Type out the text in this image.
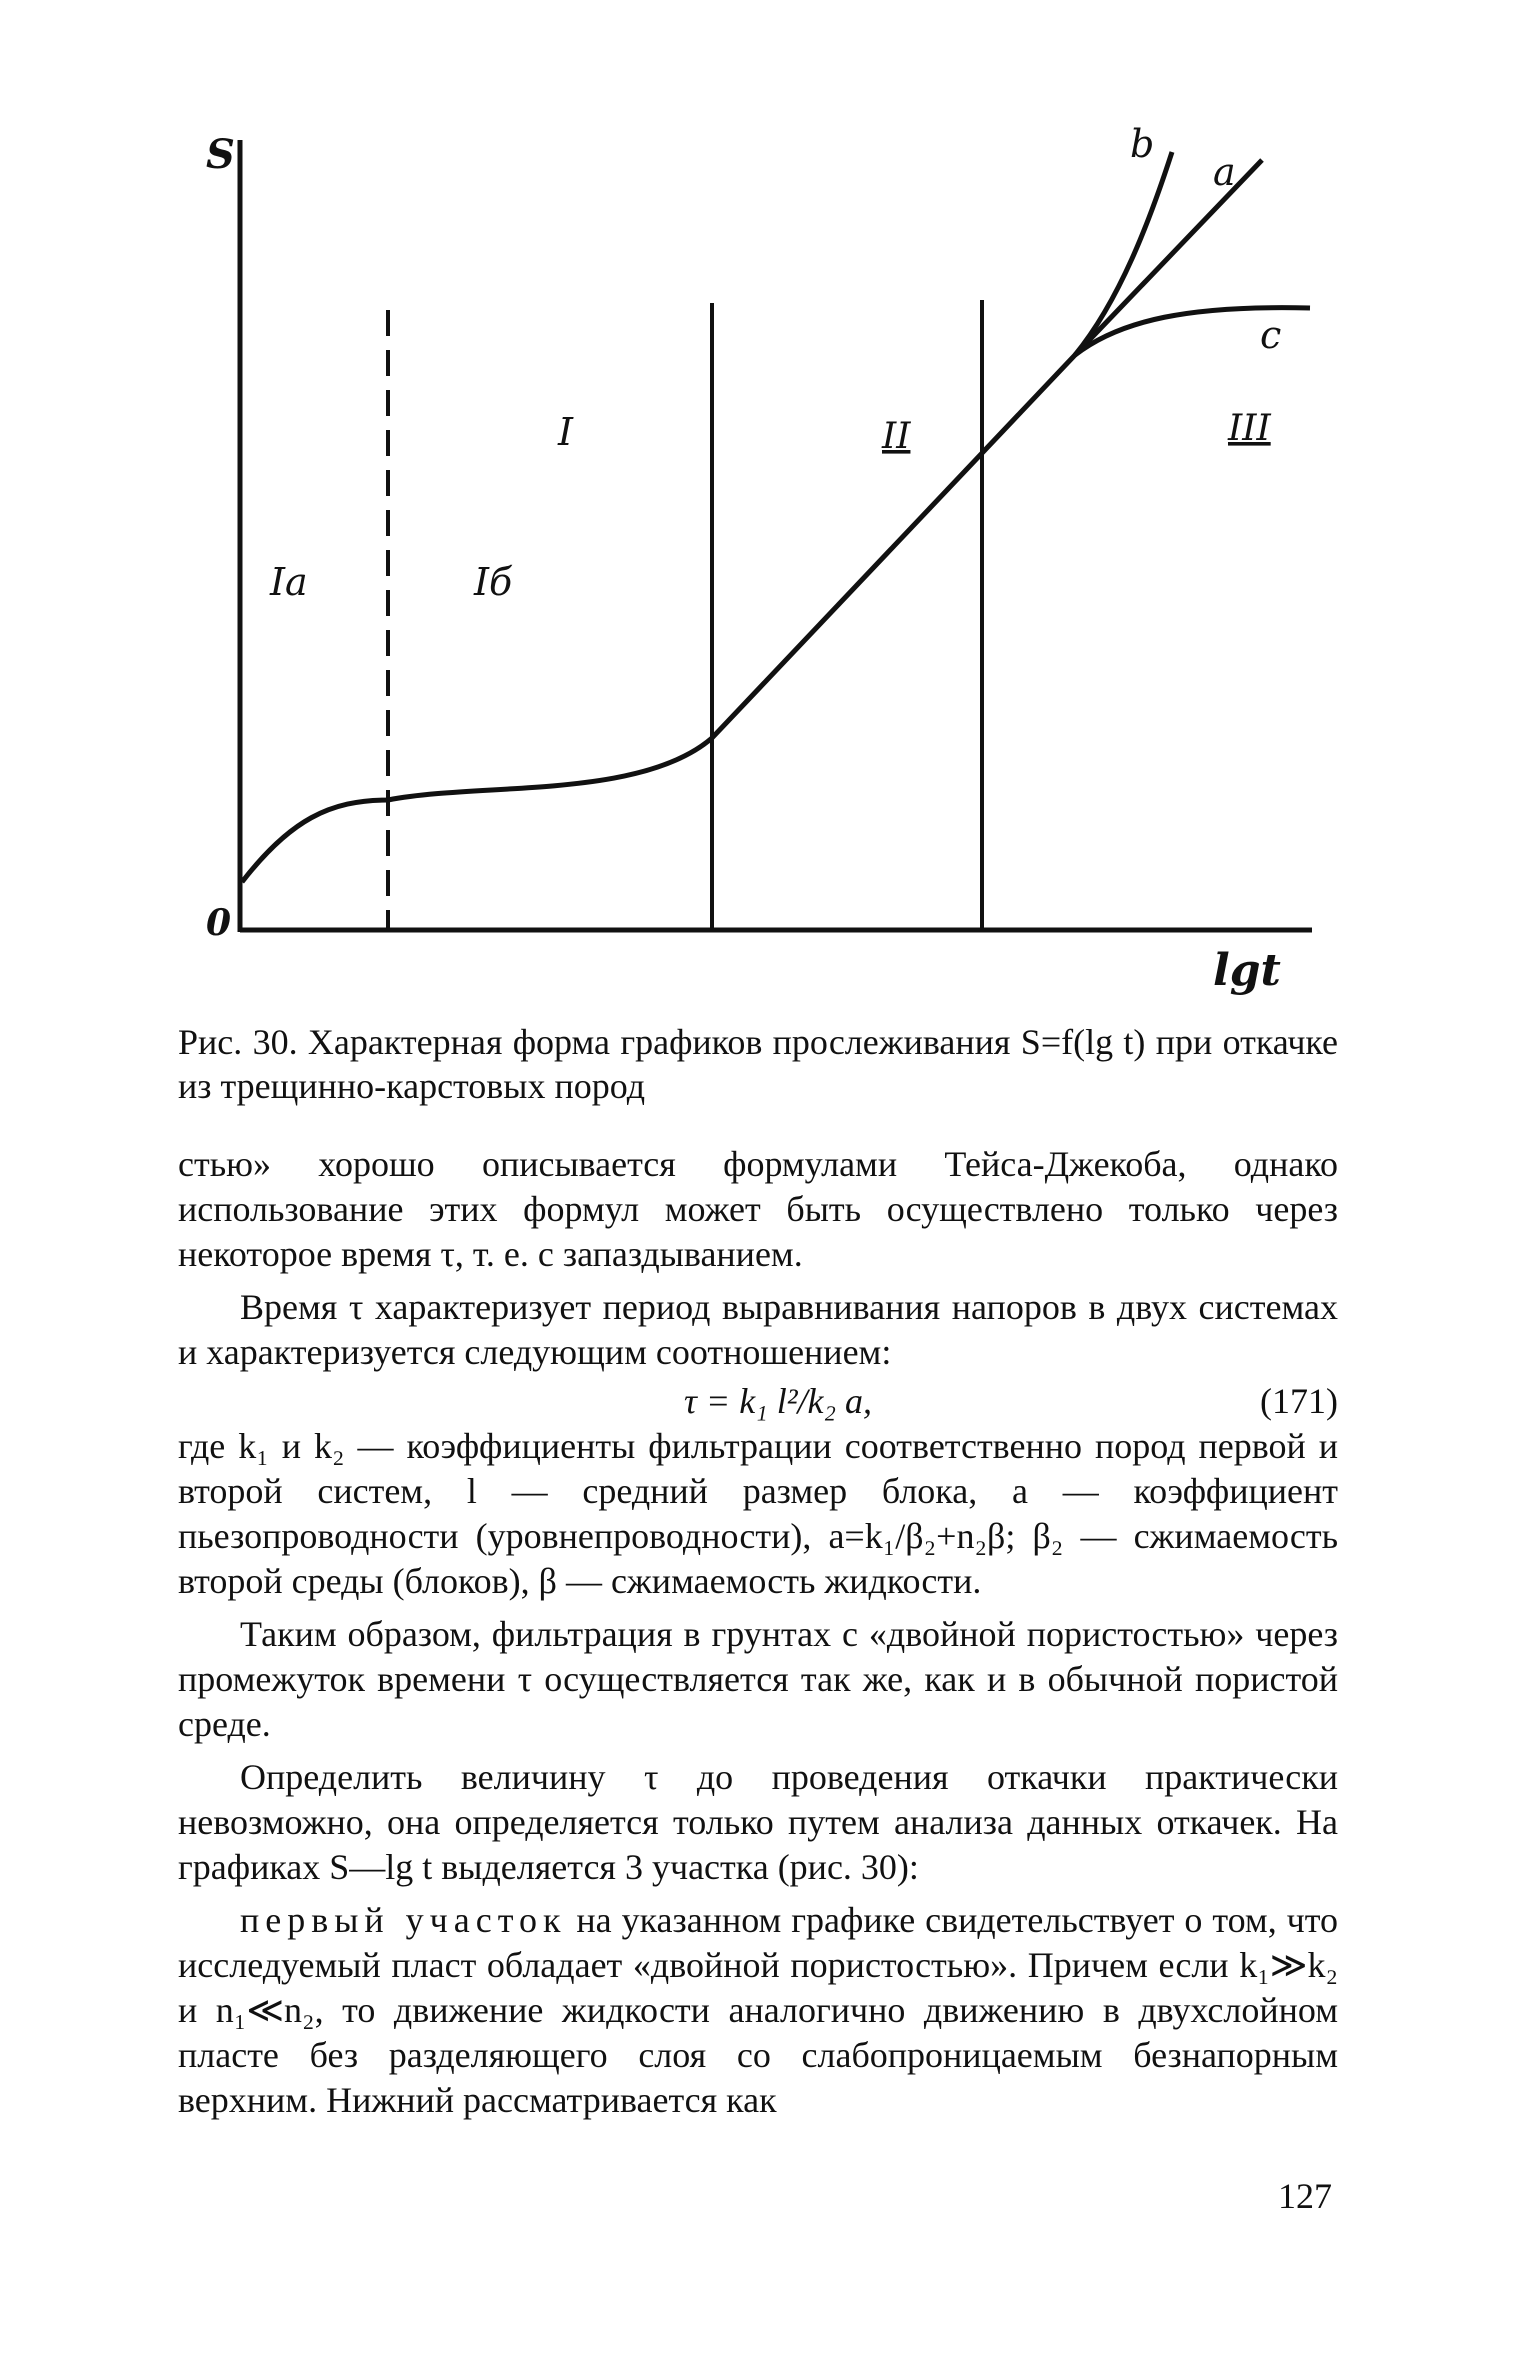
S
0
lgt
b
a
c
III
II
I
Ia	Iб
Рис. 30. Характерная форма графиков прослеживания S=f(lg t) при откачке из трещинно-карстовых пород

стью» хорошо описывается формулами Тейса-Джекоба, однако использование этих формул может быть осуществлено только через некоторое время τ, т. е. с запаздыванием.

Время τ характеризует период выравнивания напоров в двух системах и характеризуется следующим соотношением:

τ = k₁ l²/k₂ a,	(171)

где k₁ и k₂ — коэффициенты фильтрации соответственно пород первой и второй систем, l — средний размер блока, a — коэффициент пьезопроводности (уровнепроводности), a=k₁/β₂+n₂β; β₂ — сжимаемость второй среды (блоков), β — сжимаемость жидкости.

Таким образом, фильтрация в грунтах с «двойной пористостью» через промежуток времени τ осуществляется так же, как и в обычной пористой среде.

Определить величину τ до проведения откачки практически невозможно, она определяется только путем анализа данных откачек. На графиках S—lg t выделяется 3 участка (рис. 30):

первый участок на указанном графике свидетельствует о том, что исследуемый пласт обладает «двойной пористостью». Причем если k₁≫k₂ и n₁≪n₂, то движение жидкости аналогично движению в двухслойном пласте без разделяющего слоя со слабопроницаемым безнапорным верхним. Нижний рассматривается как

127
